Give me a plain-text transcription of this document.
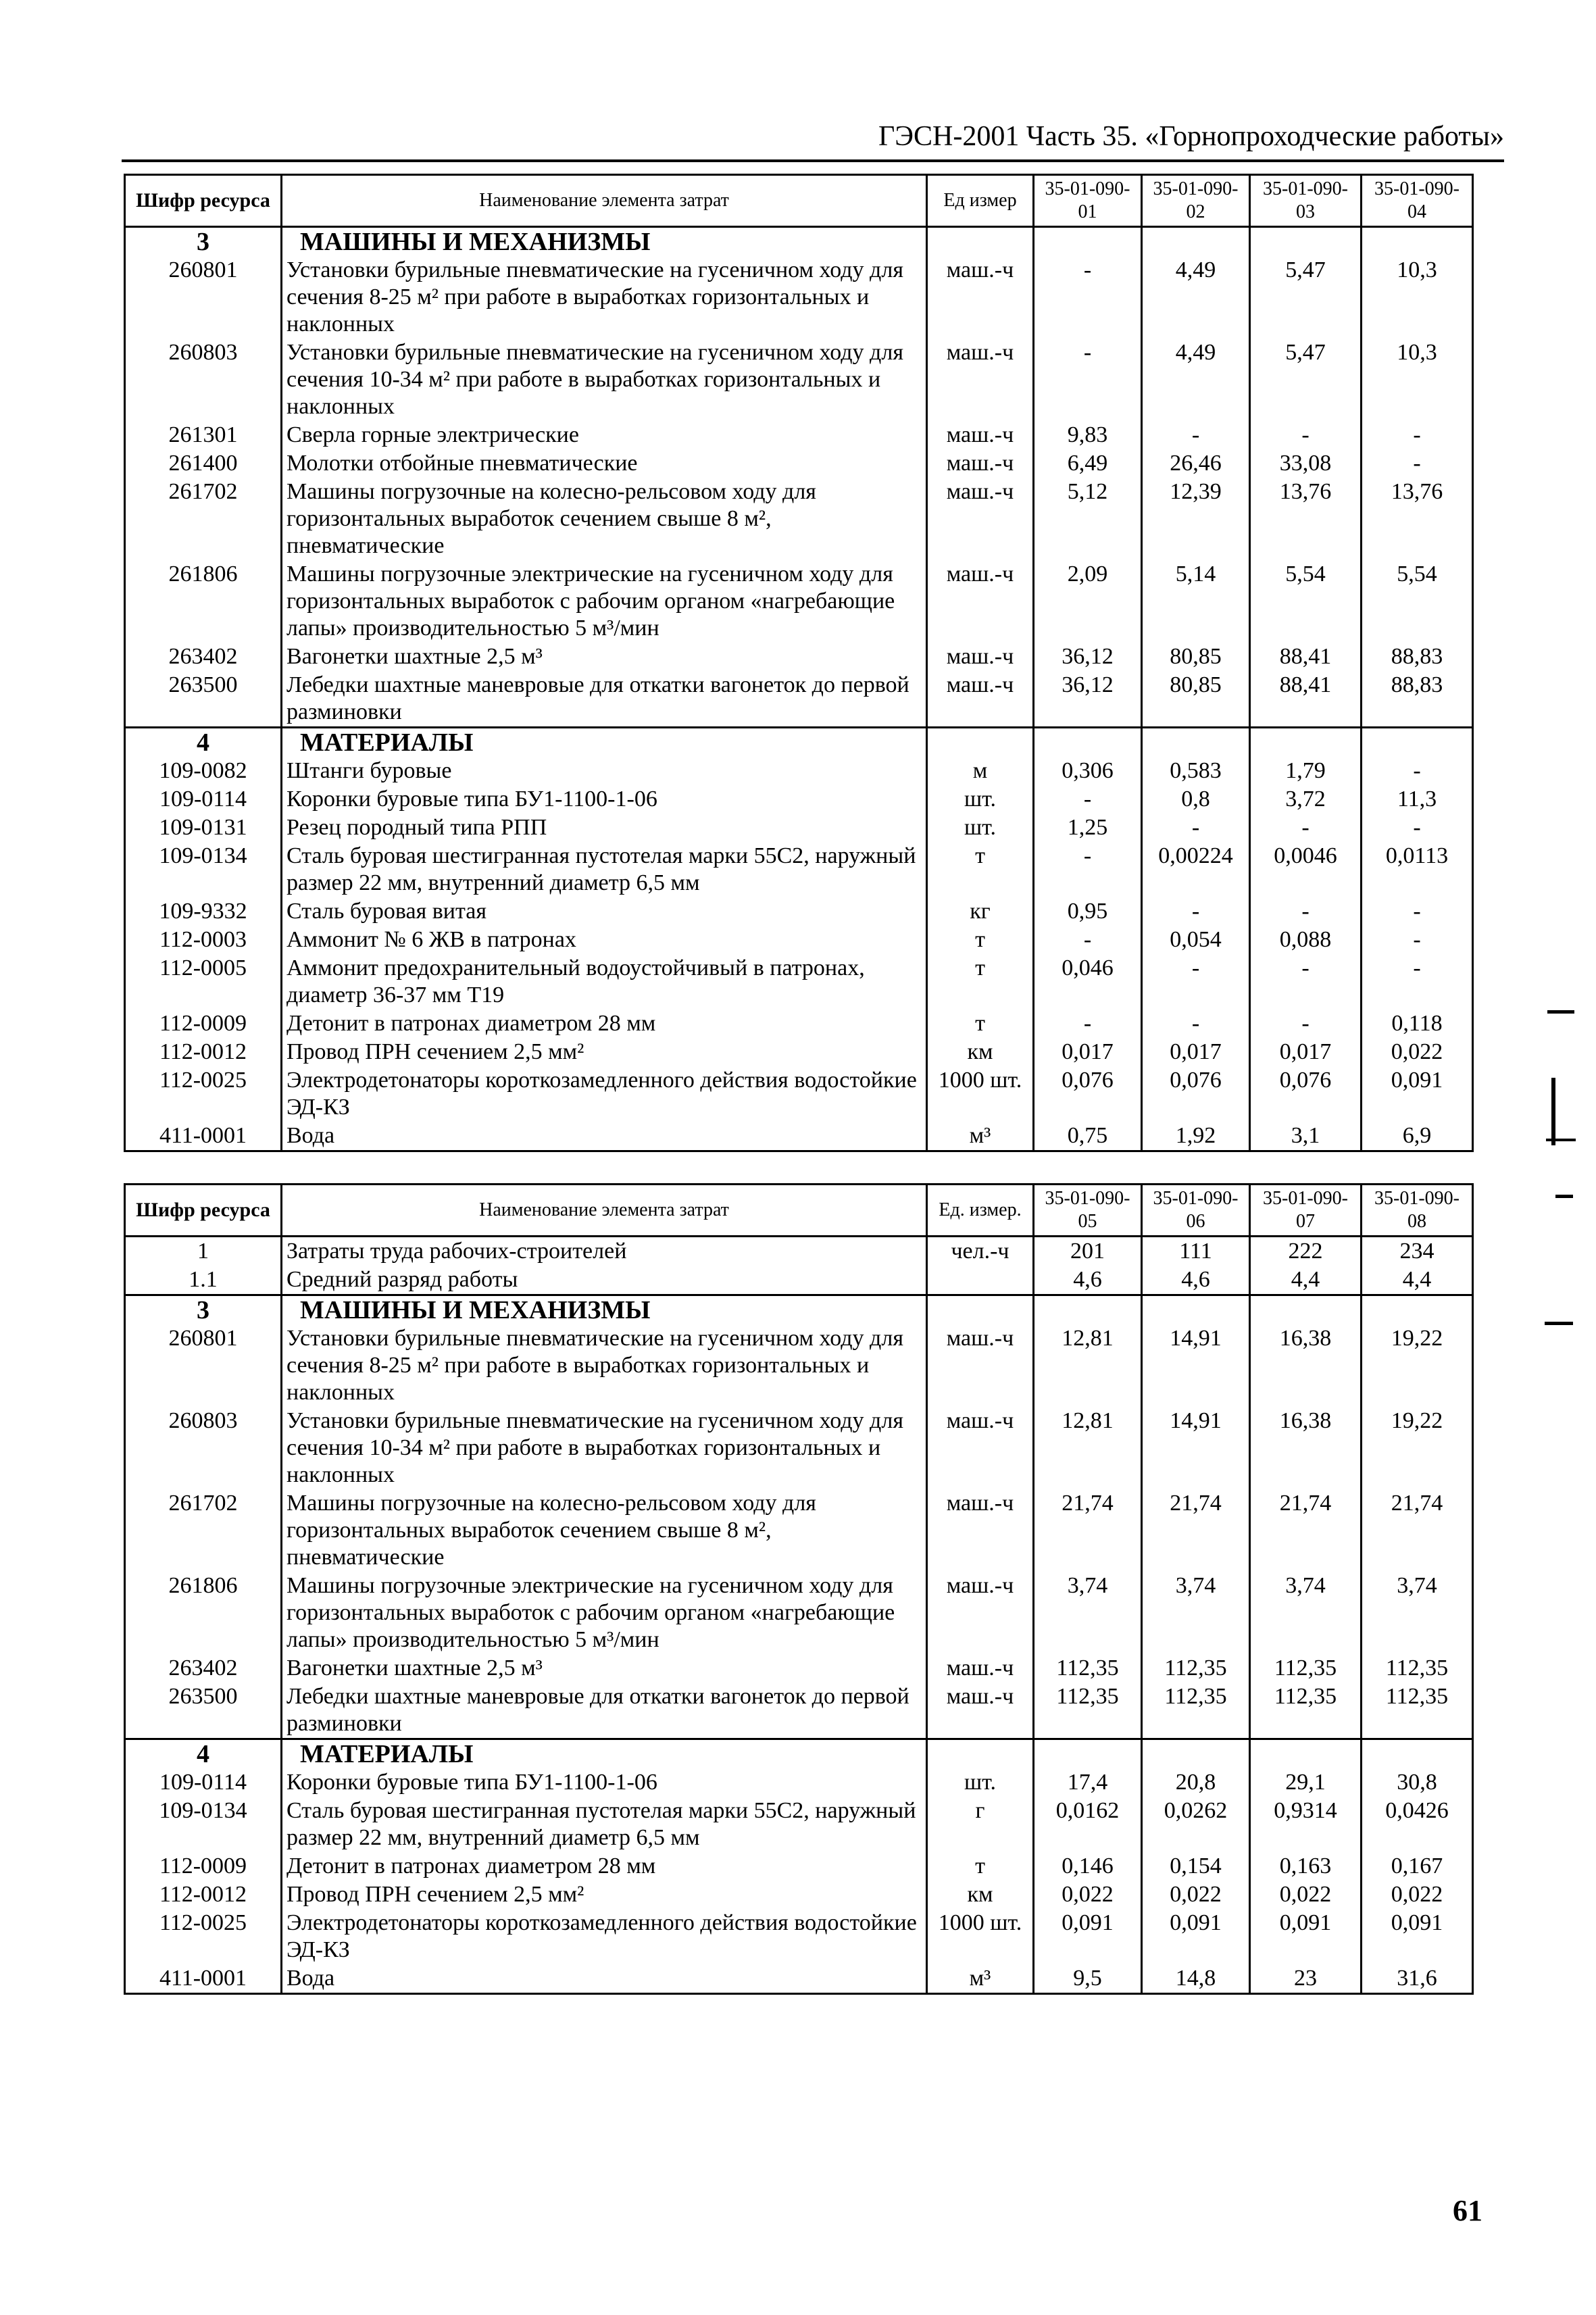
ГЭСН-2001 Часть 35. «Горнопроходческие работы»
Шифр ресурса	Наименование элемента затрат	Ед измер	35-01-090-01	35-01-090-02	35-01-090-03	35-01-090-04
3	МАШИНЫ И МЕХАНИЗМЫ					
260801	Установки бурильные пневматические на гусеничном ходу для сечения 8-25 м² при работе в выработках горизонтальных и наклонных	маш.-ч	-	4,49	5,47	10,3
260803	Установки бурильные пневматические на гусеничном ходу для сечения 10-34 м² при работе в выработках горизонтальных и наклонных	маш.-ч	-	4,49	5,47	10,3
261301	Сверла горные электрические	маш.-ч	9,83	-	-	-
261400	Молотки отбойные пневматические	маш.-ч	6,49	26,46	33,08	-
261702	Машины погрузочные на колесно-рельсовом ходу для горизонтальных выработок сечением свыше 8 м², пневматические	маш.-ч	5,12	12,39	13,76	13,76
261806	Машины погрузочные электрические на гусеничном ходу для горизонтальных выработок с рабочим органом «нагребающие лапы» производительностью 5 м³/мин	маш.-ч	2,09	5,14	5,54	5,54
263402	Вагонетки шахтные 2,5 м³	маш.-ч	36,12	80,85	88,41	88,83
263500	Лебедки шахтные маневровые для откатки вагонеток до первой разминовки	маш.-ч	36,12	80,85	88,41	88,83
4	МАТЕРИАЛЫ					
109-0082	Штанги буровые	м	0,306	0,583	1,79	-
109-0114	Коронки буровые типа БУ1-1100-1-06	шт.	-	0,8	3,72	11,3
109-0131	Резец породный типа РПП	шт.	1,25	-	-	-
109-0134	Сталь буровая шестигранная пустотелая марки 55С2, наружный размер 22 мм, внутренний диаметр 6,5 мм	т	-	0,00224	0,0046	0,0113
109-9332	Сталь буровая витая	кг	0,95	-	-	-
112-0003	Аммонит № 6 ЖВ в патронах	т	-	0,054	0,088	-
112-0005	Аммонит предохранительный водоустойчивый в патронах, диаметр 36-37 мм Т19	т	0,046	-	-	-
112-0009	Детонит в патронах диаметром 28 мм	т	-	-	-	0,118
112-0012	Провод ПРН сечением 2,5 мм²	км	0,017	0,017	0,017	0,022
112-0025	Электродетонаторы короткозамедленного действия водостойкие ЭД-КЗ	1000 шт.	0,076	0,076	0,076	0,091
411-0001	Вода	м³	0,75	1,92	3,1	6,9
Шифр ресурса	Наименование элемента затрат	Ед. измер.	35-01-090-05	35-01-090-06	35-01-090-07	35-01-090-08
1	Затраты труда рабочих-строителей	чел.-ч	201	111	222	234
1.1	Средний разряд работы		4,6	4,6	4,4	4,4
3	МАШИНЫ И МЕХАНИЗМЫ					
260801	Установки бурильные пневматические на гусеничном ходу для сечения 8-25 м² при работе в выработках горизонтальных и наклонных	маш.-ч	12,81	14,91	16,38	19,22
260803	Установки бурильные пневматические на гусеничном ходу для сечения 10-34 м² при работе в выработках горизонтальных и наклонных	маш.-ч	12,81	14,91	16,38	19,22
261702	Машины погрузочные на колесно-рельсовом ходу для горизонтальных выработок сечением свыше 8 м², пневматические	маш.-ч	21,74	21,74	21,74	21,74
261806	Машины погрузочные электрические на гусеничном ходу для горизонтальных выработок с рабочим органом «нагребающие лапы» производительностью 5 м³/мин	маш.-ч	3,74	3,74	3,74	3,74
263402	Вагонетки шахтные 2,5 м³	маш.-ч	112,35	112,35	112,35	112,35
263500	Лебедки шахтные маневровые для откатки вагонеток до первой разминовки	маш.-ч	112,35	112,35	112,35	112,35
4	МАТЕРИАЛЫ					
109-0114	Коронки буровые типа БУ1-1100-1-06	шт.	17,4	20,8	29,1	30,8
109-0134	Сталь буровая шестигранная пустотелая марки 55С2, наружный размер 22 мм, внутренний диаметр 6,5 мм	г	0,0162	0,0262	0,9314	0,0426
112-0009	Детонит в патронах диаметром 28 мм	т	0,146	0,154	0,163	0,167
112-0012	Провод ПРН сечением 2,5 мм²	км	0,022	0,022	0,022	0,022
112-0025	Электродетонаторы короткозамедленного действия водостойкие ЭД-КЗ	1000 шт.	0,091	0,091	0,091	0,091
411-0001	Вода	м³	9,5	14,8	23	31,6
61
